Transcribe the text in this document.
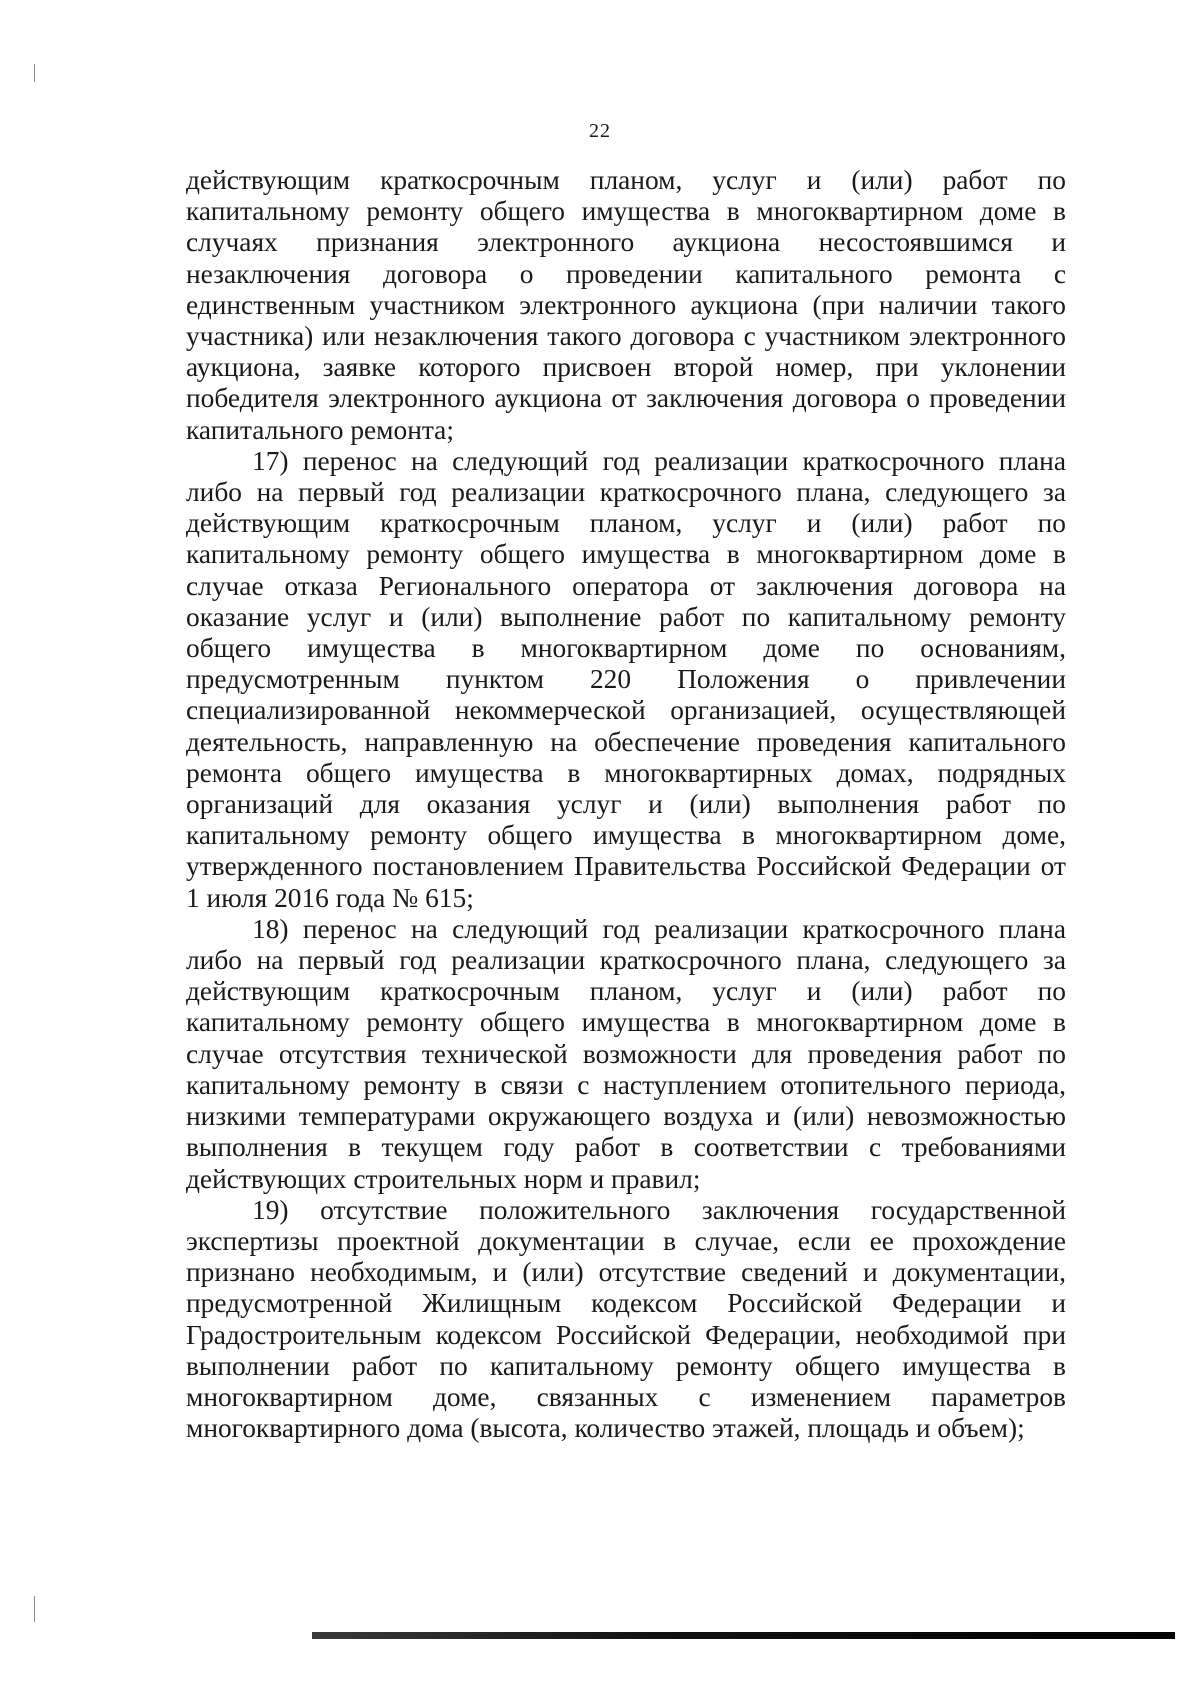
22

действующим краткосрочным планом, услуг и (или) работ по капитальному ремонту общего имущества в многоквартирном доме в случаях признания электронного аукциона несостоявшимся и незаключения договора о проведении капитального ремонта с единственным участником электронного аукциона (при наличии такого участника) или незаключения такого договора с участником электронного аукциона, заявке которого присвоен второй номер, при уклонении победителя электронного аукциона от заключения договора о проведении капитального ремонта;

17) перенос на следующий год реализации краткосрочного плана либо на первый год реализации краткосрочного плана, следующего за действующим краткосрочным планом, услуг и (или) работ по капитальному ремонту общего имущества в многоквартирном доме в случае отказа Регионального оператора от заключения договора на оказание услуг и (или) выполнение работ по капитальному ремонту общего имущества в многоквартирном доме по основаниям, предусмотренным пунктом 220 Положения о привлечении специализированной некоммерческой организацией, осуществляющей деятельность, направленную на обеспечение проведения капитального ремонта общего имущества в многоквартирных домах, подрядных организаций для оказания услуг и (или) выполнения работ по капитальному ремонту общего имущества в многоквартирном доме, утвержденного постановлением Правительства Российской Федерации от 1 июля 2016 года № 615;

18) перенос на следующий год реализации краткосрочного плана либо на первый год реализации краткосрочного плана, следующего за действующим краткосрочным планом, услуг и (или) работ по капитальному ремонту общего имущества в многоквартирном доме в случае отсутствия технической возможности для проведения работ по капитальному ремонту в связи с наступлением отопительного периода, низкими температурами окружающего воздуха и (или) невозможностью выполнения в текущем году работ в соответствии с требованиями действующих строительных норм и правил;

19) отсутствие положительного заключения государственной экспертизы проектной документации в случае, если ее прохождение признано необходимым, и (или) отсутствие сведений и документации, предусмотренной Жилищным кодексом Российской Федерации и Градостроительным кодексом Российской Федерации, необходимой при выполнении работ по капитальному ремонту общего имущества в многоквартирном доме, связанных с изменением параметров многоквартирного дома (высота, количество этажей, площадь и объем);
